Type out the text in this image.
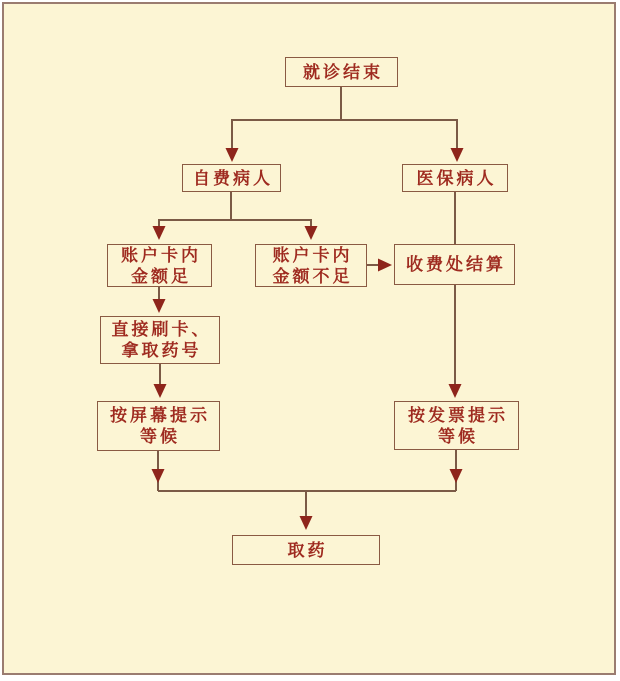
就诊结束
自费病人	医保病人
账户卡内
金额足
账户卡内
金额不足
收费处结算
直接刷卡、
拿取药号
按屏幕提示
等候
按发票提示
等候
取药
